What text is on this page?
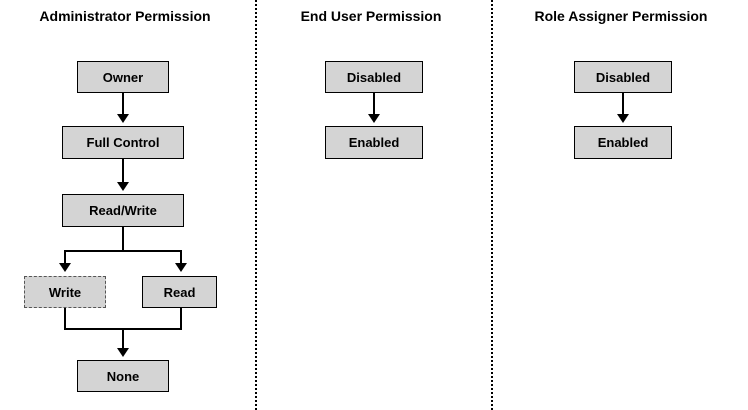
Administrator Permission	End User Permission	Role Assigner Permission
Owner
Full Control
Read/Write
Write	Read
None
Disabled
Enabled
Disabled
Enabled
